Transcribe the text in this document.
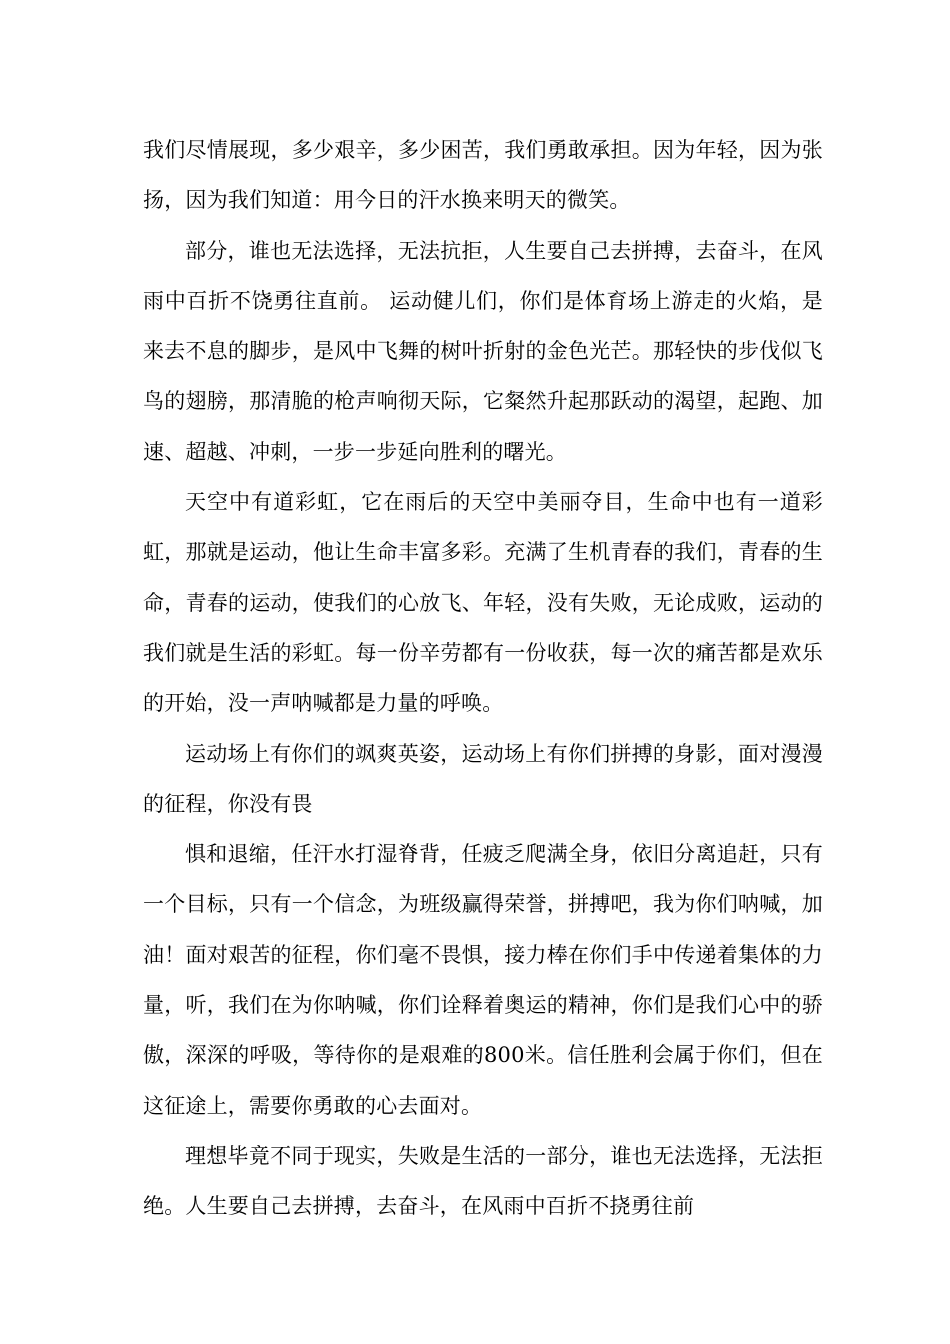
我们尽情展现，多少艰辛，多少困苦，我们勇敢承担。因为年轻，因为张扬，因为我们知道：用今日的汗水换来明天的微笑。

部分，谁也无法选择，无法抗拒，人生要自己去拼搏，去奋斗，在风雨中百折不饶勇往直前。 运动健儿们，你们是体育场上游走的火焰，是来去不息的脚步，是风中飞舞的树叶折射的金色光芒。那轻快的步伐似飞鸟的翅膀，那清脆的枪声响彻天际，它粲然升起那跃动的渴望，起跑、加速、超越、冲刺，一步一步延向胜利的曙光。

天空中有道彩虹，它在雨后的天空中美丽夺目，生命中也有一道彩虹，那就是运动，他让生命丰富多彩。充满了生机青春的我们，青春的生命，青春的运动，使我们的心放飞、年轻，没有失败，无论成败，运动的我们就是生活的彩虹。每一份辛劳都有一份收获，每一次的痛苦都是欢乐的开始，没一声呐喊都是力量的呼唤。

运动场上有你们的飒爽英姿，运动场上有你们拼搏的身影，面对漫漫的征程，你没有畏

惧和退缩，任汗水打湿脊背，任疲乏爬满全身，依旧分离追赶，只有一个目标，只有一个信念，为班级赢得荣誉，拼搏吧，我为你们呐喊，加油！面对艰苦的征程，你们毫不畏惧，接力棒在你们手中传递着集体的力量，听，我们在为你呐喊，你们诠释着奥运的精神，你们是我们心中的骄傲，深深的呼吸，等待你的是艰难的800米。信任胜利会属于你们，但在这征途上，需要你勇敢的心去面对。

理想毕竟不同于现实，失败是生活的一部分，谁也无法选择，无法拒绝。人生要自己去拼搏，去奋斗，在风雨中百折不挠勇往前
